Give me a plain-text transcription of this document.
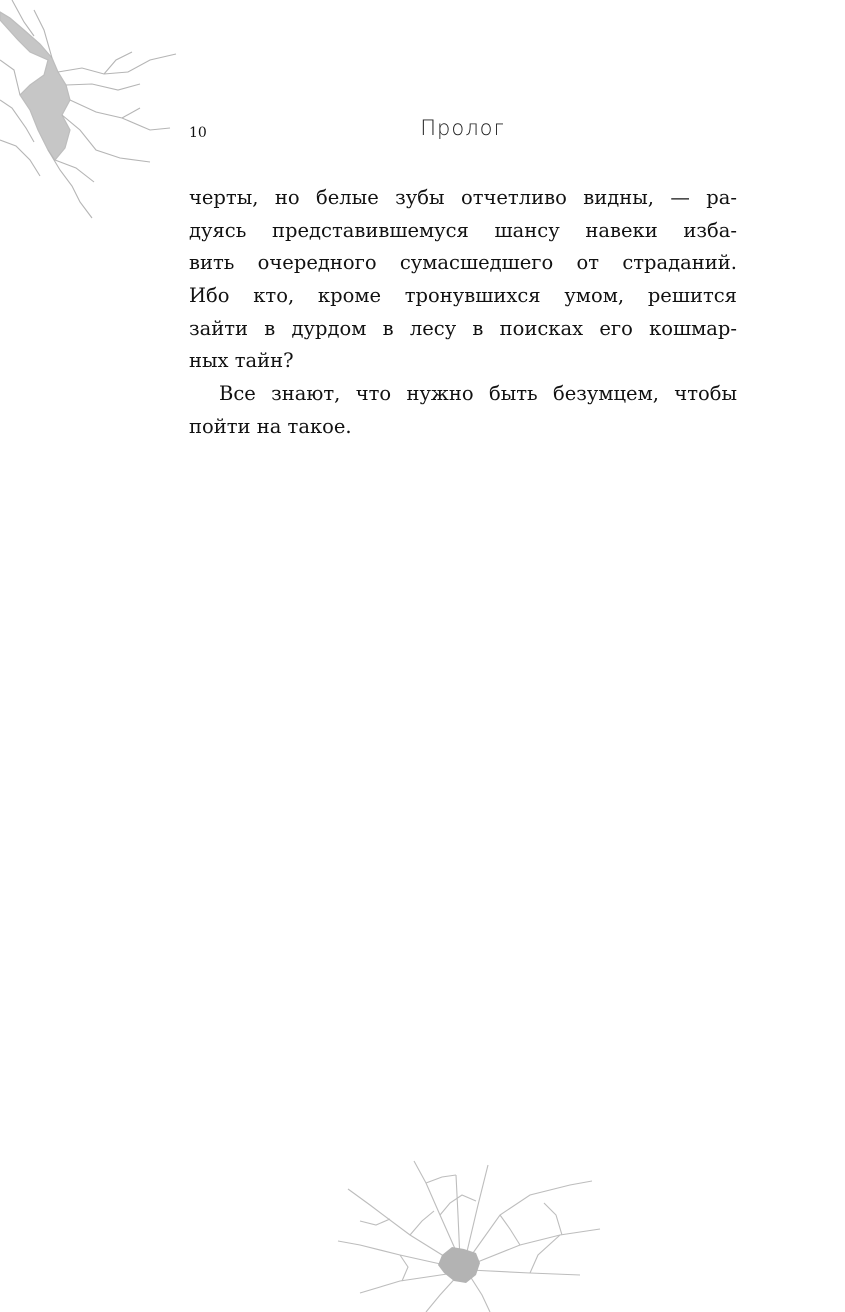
10	Пролог
черты, но белые зубы отчетливо видны, — ра-
дуясь представившемуся шансу навеки изба-
вить очередного сумасшедшего от страданий.
Ибо кто, кроме тронувшихся умом, решится
зайти в дурдом в лесу в поисках его кошмар-
ных тайн?
Все знают, что нужно быть безумцем, чтобы
пойти на такое.
